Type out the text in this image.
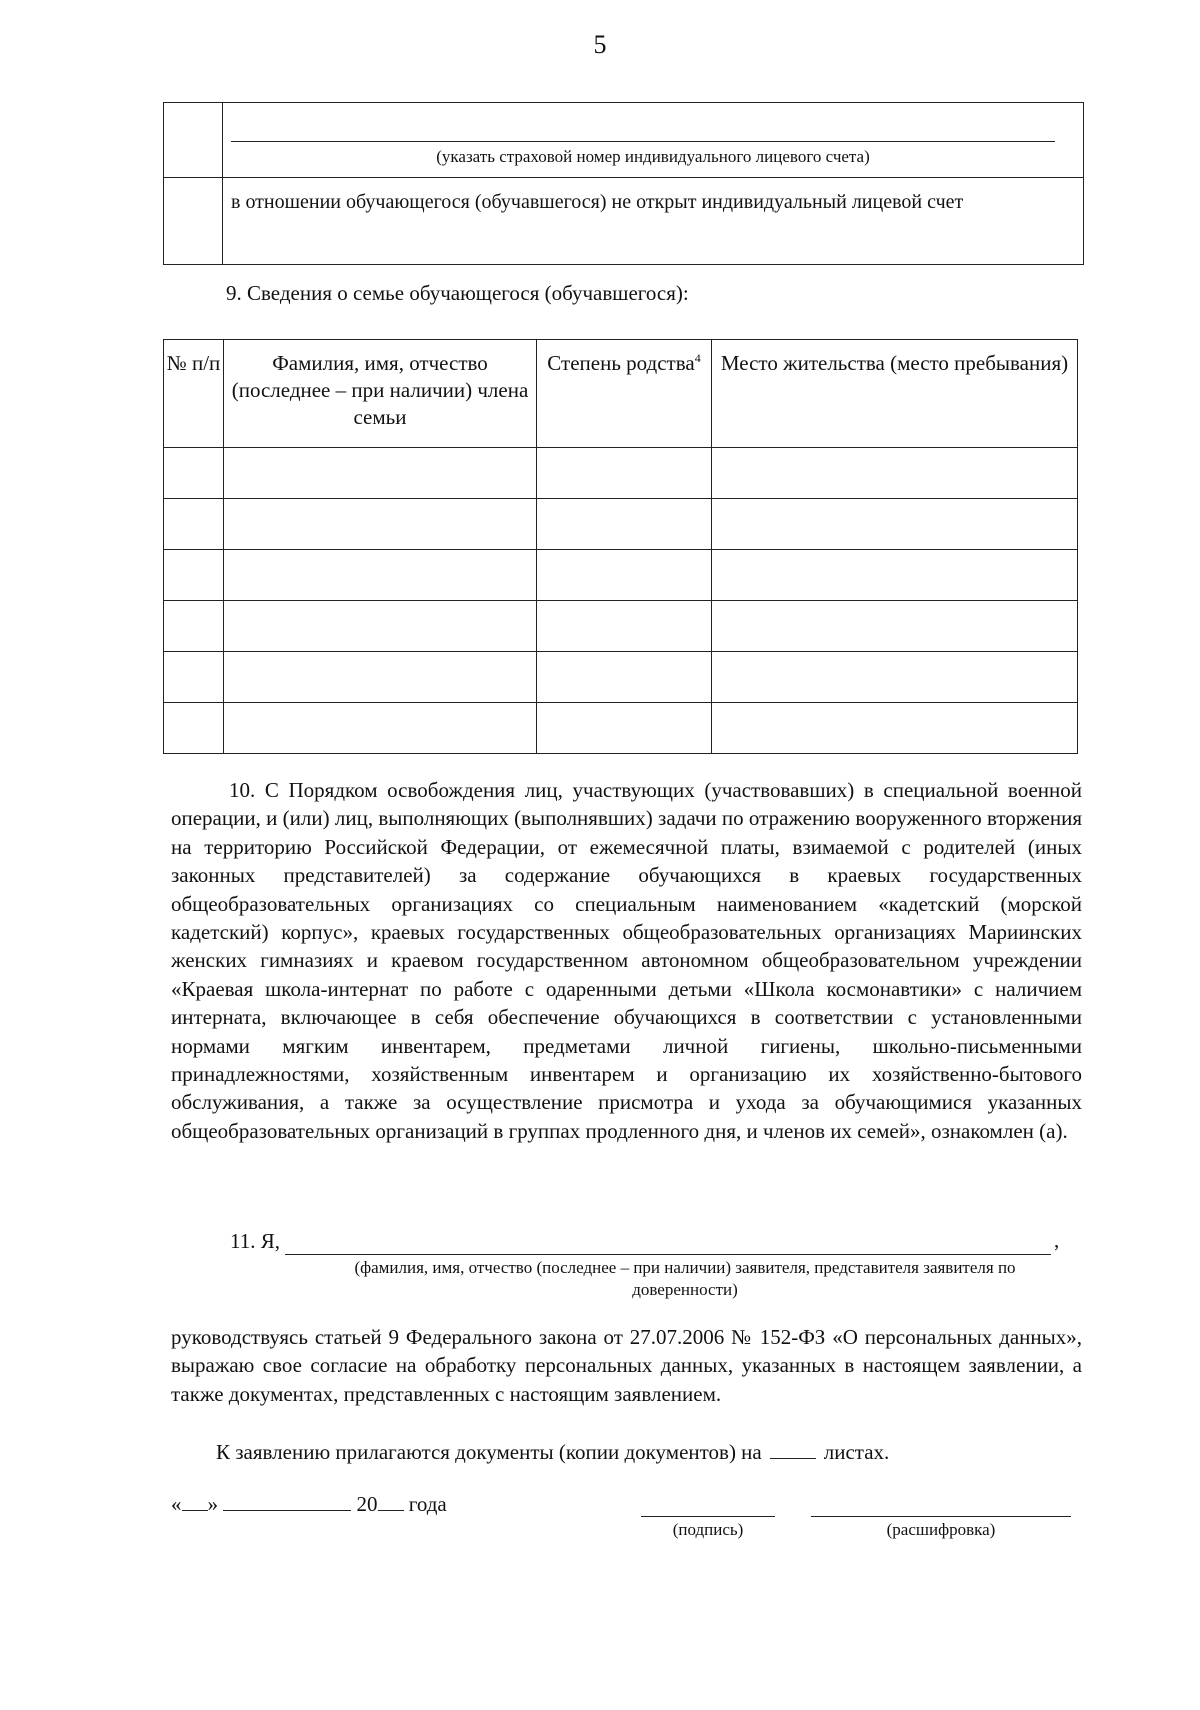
5

	(указать страховой номер индивидуального лицевого счета)

	в отношении обучающегося (обучавшегося) не открыт индивидуальный лицевой счет
9. Сведения о семье обучающегося (обучавшегося):
№ п/п	Фамилия, имя, отчество (последнее – при наличии) члена семьи	Степень родства$^4$	Место жительства (место пребывания)

10. С Порядком освобождения лиц, участвующих (участвовавших) в специальной военной операции, и (или) лиц, выполняющих (выполнявших) задачи по отражению вооруженного вторжения на территорию Российской Федерации, от ежемесячной платы, взимаемой с родителей (иных законных представителей) за содержание обучающихся в краевых государственных общеобразовательных организациях со специальным наименованием «кадетский (морской кадетский) корпус», краевых государственных общеобразовательных организациях Мариинских женских гимназиях и краевом государственном автономном общеобразовательном учреждении «Краевая школа-интернат по работе с одаренными детьми «Школа космонавтики» с наличием интерната, включающее в себя обеспечение обучающихся в соответствии с установленными нормами мягким инвентарем, предметами личной гигиены, школьно-письменными принадлежностями, хозяйственным инвентарем и организацию их хозяйственно-бытового обслуживания, а также за осуществление присмотра и ухода за обучающимися указанных общеобразовательных организаций в группах продленного дня, и членов их семей», ознакомлен (а).

11. Я,	,
(фамилия, имя, отчество (последнее – при наличии) заявителя, представителя заявителя по доверенности)

руководствуясь статьей 9 Федерального закона от 27.07.2006 № 152-ФЗ «О персональных данных», выражаю свое согласие на обработку персональных данных, указанных в настоящем заявлении, а также документах, представленных с настоящим заявлением.

К заявлению прилагаются документы (копии документов) на	листах.
« »	20 года
(подпись)	(расшифровка)
